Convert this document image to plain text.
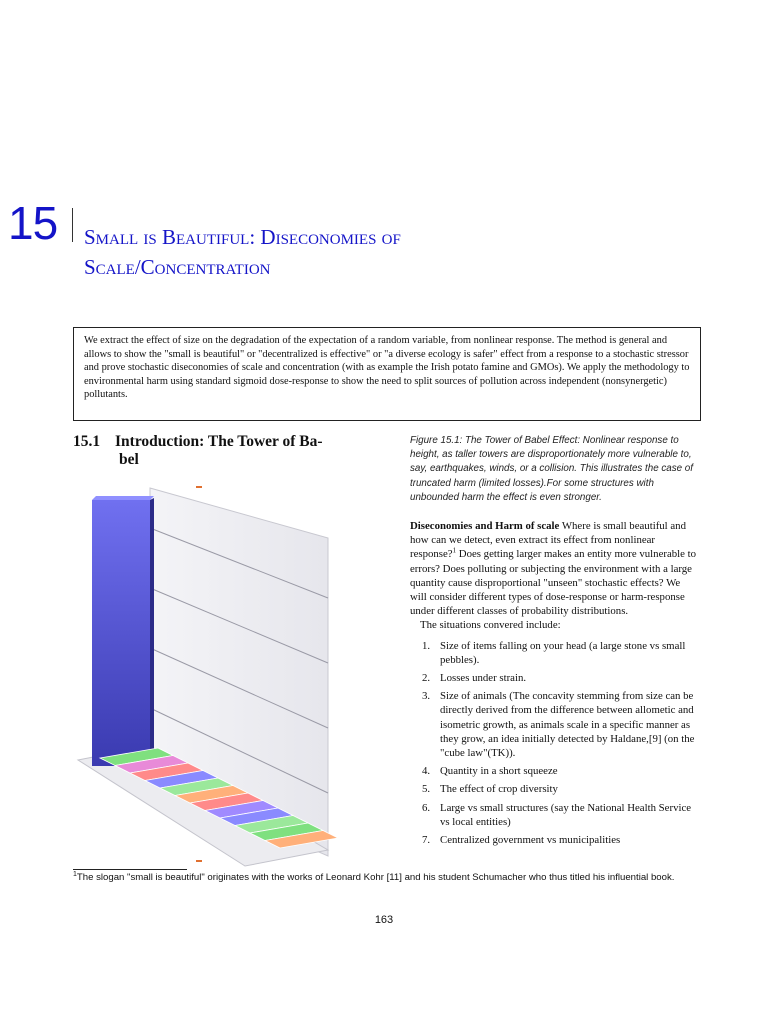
15 Small is Beautiful: Diseconomies of
Scale/Concentration
We extract the effect of size on the degradation of the expectation of a random variable, from nonlinear response. The method is general and allows to show the "small is beautiful" or "decentralized is effective" or "a diverse ecology is safer" effect from a response to a stochastic stressor and prove stochastic diseconomies of scale and concentration (with as example the Irish potato famine and GMOs). We apply the methodology to environmental harm using standard sigmoid dose-response to show the need to split sources of pollution across independent (nonsynergetic) pollutants.
15.1 Introduction: The Tower of Ba-
bel
Figure 15.1: The Tower of Babel Effect: Nonlinear response to height, as taller towers are disproportionately more vulnerable to, say, earthquakes, winds, or a collision. This illustrates the case of truncated harm (limited losses).For some structures with unbounded harm the effect is even stronger.

Diseconomies and Harm of scale Where is small beautiful and how can we detect, even extract its effect from nonlinear response?$^1$ Does getting larger makes an entity more vulnerable to errors? Does polluting or subjecting the environment with a large quantity cause disproportional "unseen" stochastic effects? We will consider different types of dose-response or harm-response under different classes of probability distributions.

The situations convered include:

1. Size of items falling on your head (a large stone vs small pebbles).
2. Losses under strain.
3. Size of animals (The concavity stemming from size can be directly derived from the difference between allometic and isometric growth, as animals scale in a specific manner as they grow, an idea initially detected by Haldane,[9] (on the "cube law"(TK)).
4. Quantity in a short squeeze
5. The effect of crop diversity
6. Large vs small structures (say the National Health Service vs local entities)
7. Centralized government vs municipalities
$^1$The slogan "small is beautiful" originates with the works of Leonard Kohr [11] and his student Schumacher who thus titled his influential book.
163
